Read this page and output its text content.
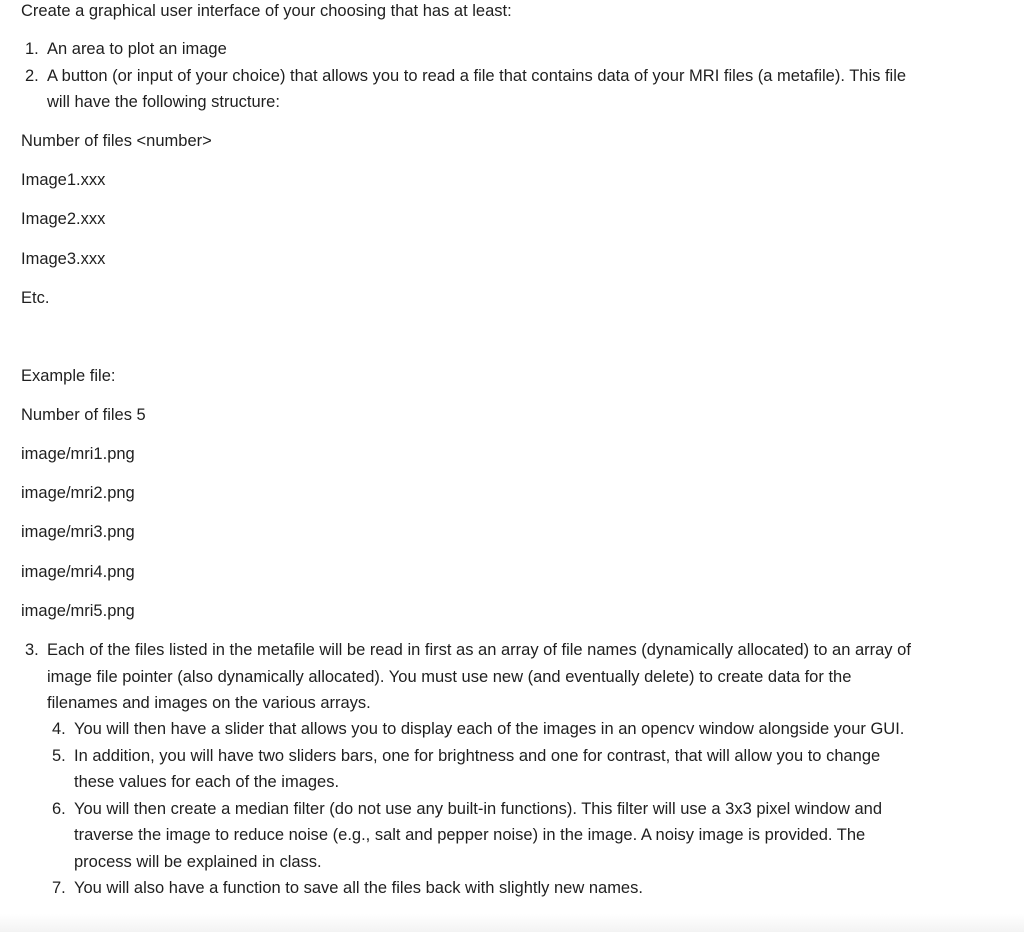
Create a graphical user interface of your choosing that has at least:

1. An area to plot an image
2. A button (or input of your choice) that allows you to read a file that contains data of your MRI files (a metafile). This file will have the following structure:

Number of files <number>

Image1.xxx

Image2.xxx

Image3.xxx

Etc.

Example file:

Number of files 5

image/mri1.png

image/mri2.png

image/mri3.png

image/mri4.png

image/mri5.png

3. Each of the files listed in the metafile will be read in first as an array of file names (dynamically allocated) to an array of image file pointer (also dynamically allocated). You must use new (and eventually delete) to create data for the filenames and images on the various arrays.
4. You will then have a slider that allows you to display each of the images in an opencv window alongside your GUI.
5. In addition, you will have two sliders bars, one for brightness and one for contrast, that will allow you to change these values for each of the images.
6. You will then create a median filter (do not use any built-in functions). This filter will use a 3x3 pixel window and traverse the image to reduce noise (e.g., salt and pepper noise) in the image. A noisy image is provided. The process will be explained in class.
7. You will also have a function to save all the files back with slightly new names.
